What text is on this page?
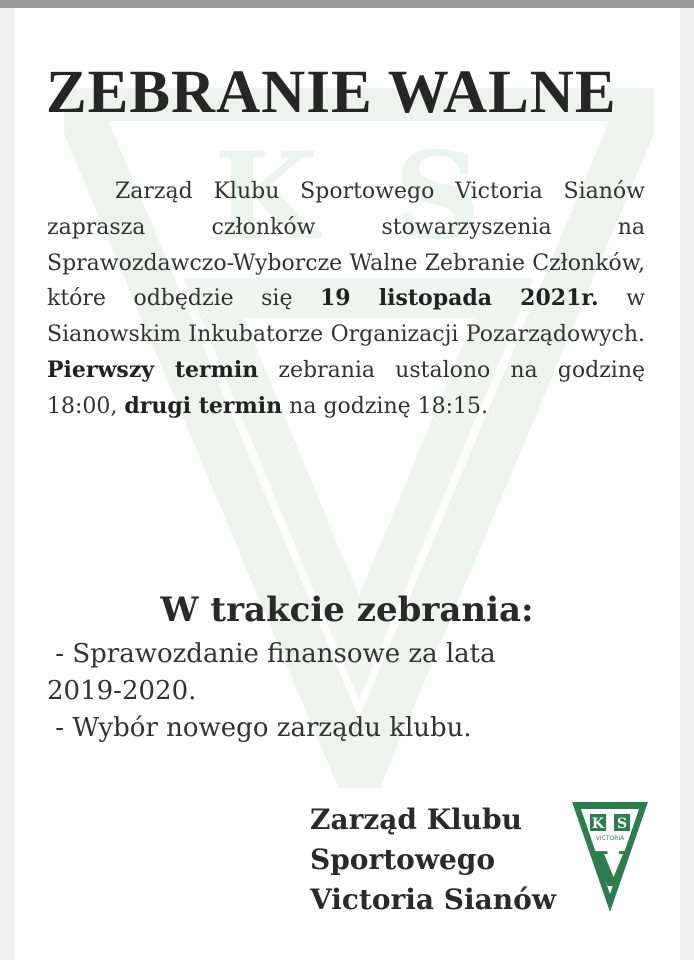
K S
ZEBRANIE WALNE

Zarząd Klubu Sportowego Victoria Sianów zaprasza członków stowarzyszenia na Sprawozdawczo-Wyborcze Walne Zebranie Członków, które odbędzie się 19 listopada 2021r. w Sianowskim Inkubatorze Organizacji Pozarządowych. Pierwszy termin zebrania ustalono na godzinę 18:00, drugi termin na godzinę 18:15.

W trakcie zebrania:
- Sprawozdanie finansowe za lata
2019-2020.
- Wybór nowego zarządu klubu.
Zarząd Klubu
Sportowego
Victoria Sianów
K S
VICTORIA
V
